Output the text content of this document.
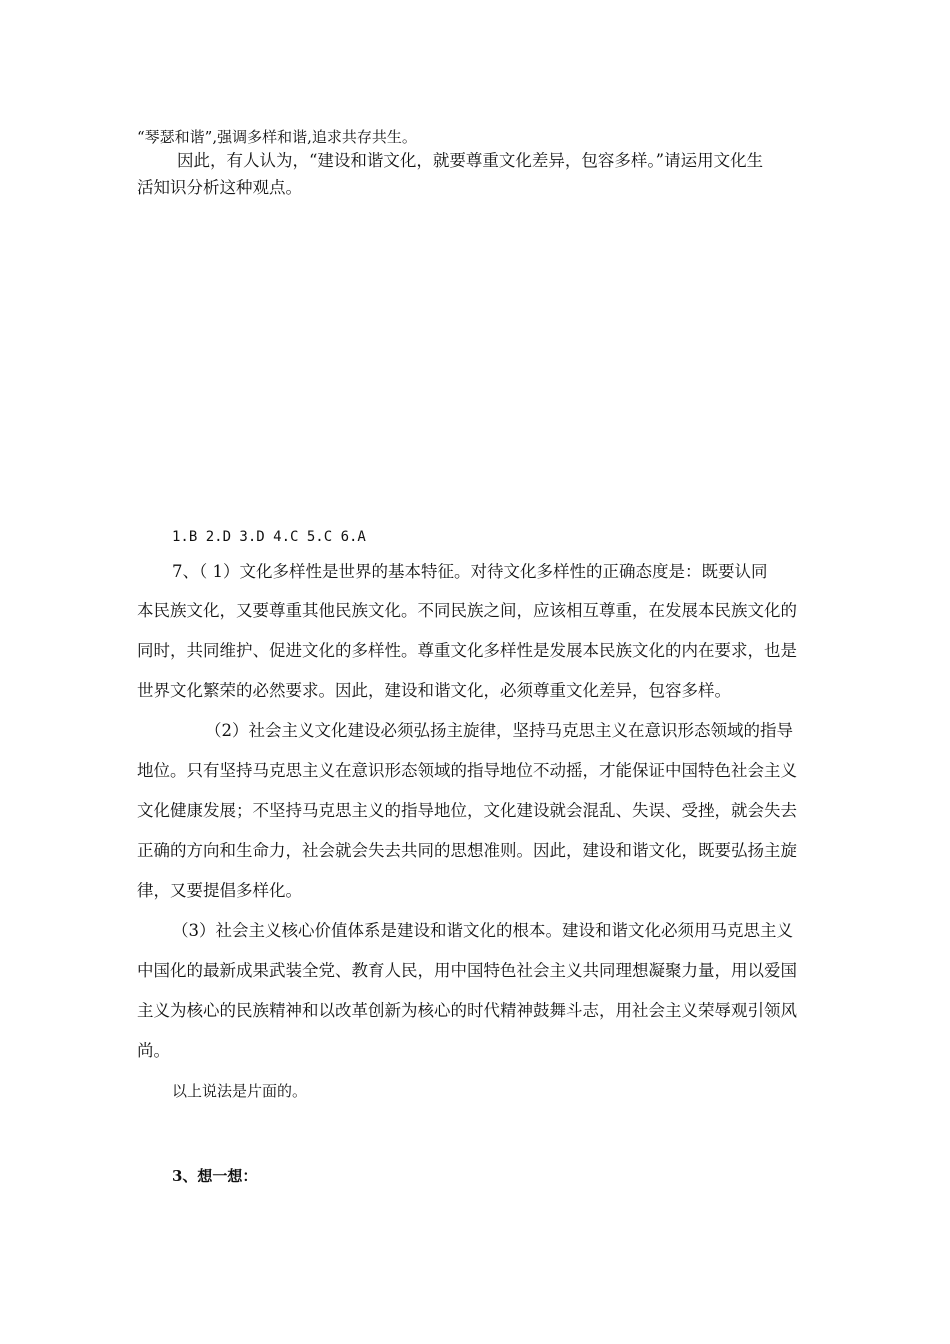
“琴瑟和谐”,强调多样和谐,追求共存共生。
因此，有人认为，“建设和谐文化，就要尊重文化差异，包容多样。”请运用文化生
活知识分析这种观点。
1.B 2.D 3.D 4.C 5.C 6.A
7、（ 1）文化多样性是世界的基本特征。对待文化多样性的正确态度是：既要认同
本民族文化，又要尊重其他民族文化。不同民族之间，应该相互尊重，在发展本民族文化的
同时，共同维护、促进文化的多样性。尊重文化多样性是发展本民族文化的内在要求，也是
世界文化繁荣的必然要求。因此，建设和谐文化，必须尊重文化差异，包容多样。
（2）社会主义文化建设必须弘扬主旋律，坚持马克思主义在意识形态领域的指导
地位。只有坚持马克思主义在意识形态领域的指导地位不动摇，才能保证中国特色社会主义
文化健康发展；不坚持马克思主义的指导地位，文化建设就会混乱、失误、受挫，就会失去
正确的方向和生命力，社会就会失去共同的思想准则。因此，建设和谐文化，既要弘扬主旋
律，又要提倡多样化。
（3）社会主义核心价值体系是建设和谐文化的根本。建设和谐文化必须用马克思主义
中国化的最新成果武装全党、教育人民，用中国特色社会主义共同理想凝聚力量，用以爱国
主义为核心的民族精神和以改革创新为核心的时代精神鼓舞斗志，用社会主义荣辱观引领风
尚。
以上说法是片面的。
3、想一想：
